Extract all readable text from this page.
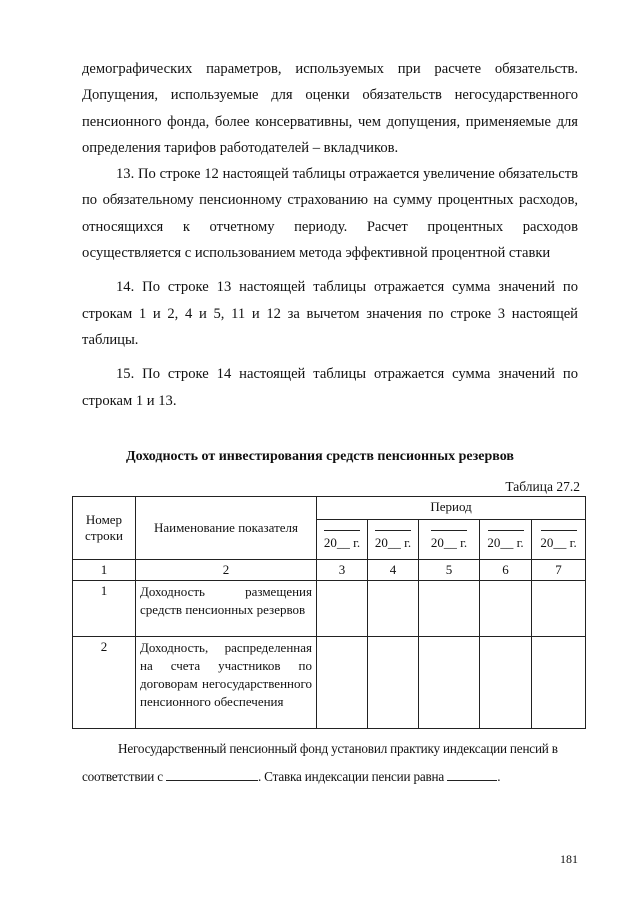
демографических параметров, используемых при расчете обязательств. Допущения, используемые для оценки обязательств негосударственного пенсионного фонда, более консервативны, чем допущения, применяемые для определения тарифов работодателей – вкладчиков.

13. По строке 12 настоящей таблицы отражается увеличение обязательств по обязательному пенсионному страхованию на сумму процентных расходов, относящихся к отчетному периоду. Расчет процентных расходов осуществляется с использованием метода эффективной процентной ставки

14. По строке 13 настоящей таблицы отражается сумма значений по строкам 1 и 2, 4 и 5, 11 и 12 за вычетом значения по строке 3 настоящей таблицы.

15. По строке 14 настоящей таблицы отражается сумма значений по строкам 1 и 13.

Доходность от инвестирования средств пенсионных резервов
Таблица 27.2
Номер строки	Наименование показателя	Период				

20__ г.	20__ г.	20__ г.	20__ г.	20__ г.
1	2	3	4	5	6	7
1	Доходность размещения средств пенсионных резервов					
2	Доходность, распределенная на счета участников по договорам негосударственного пенсионного обеспечения					

Негосударственный пенсионный фонд установил практику индексации пенсий в

соответствии с	. Ставка индексации пенсии равна	.

181
